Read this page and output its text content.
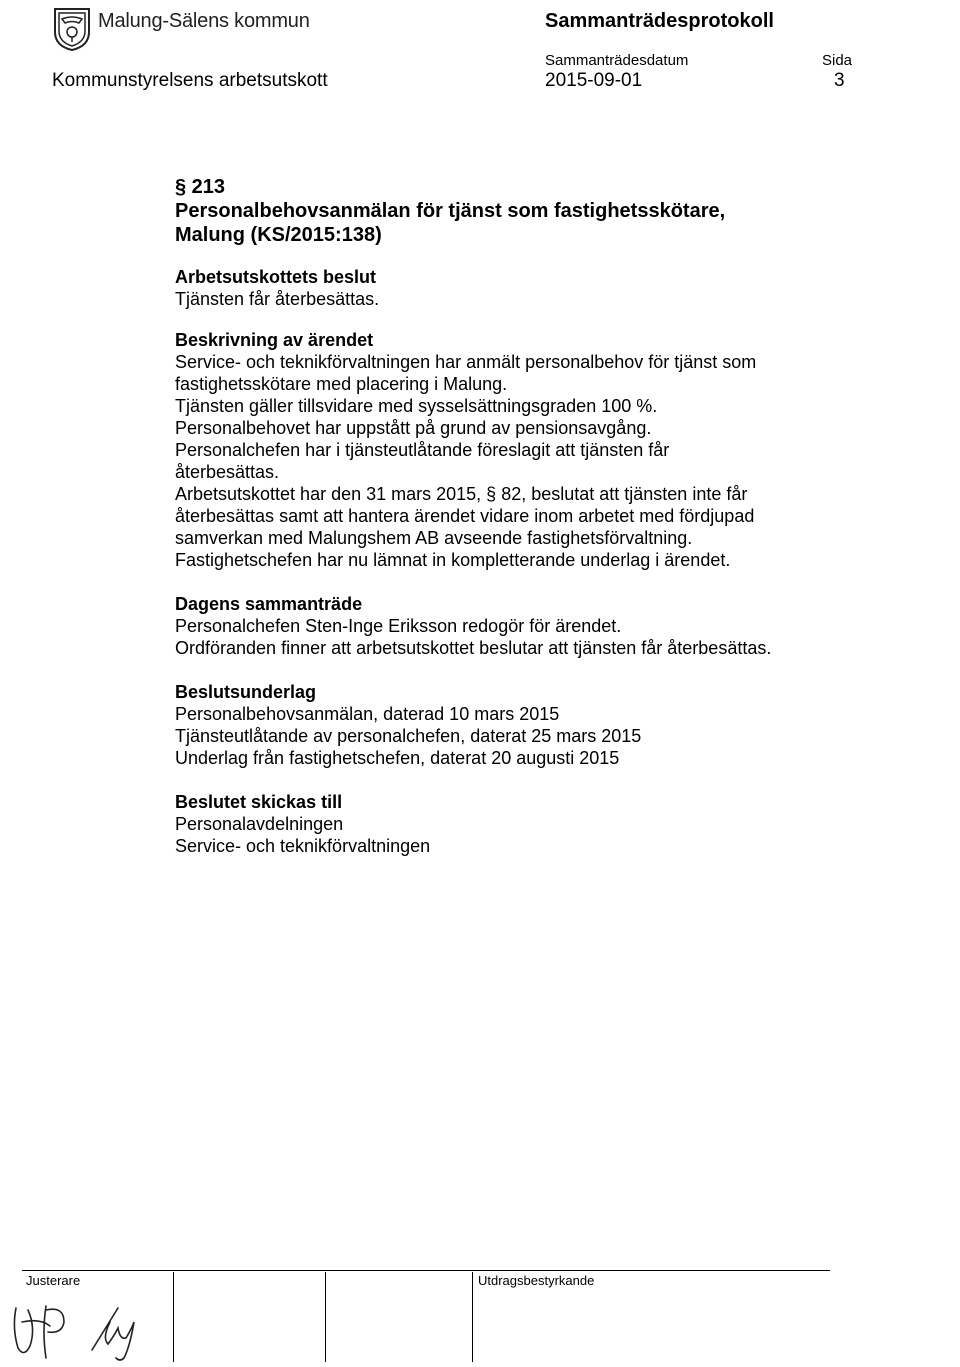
Malung-Sälens kommun	Sammanträdesprotokoll
Kommunstyrelsens arbetsutskott
Sammanträdesdatum
2015-09-01
Sida
3
§ 213
Personalbehovsanmälan för tjänst som fastighetsskötare,
Malung (KS/2015:138)

Arbetsutskottets beslut

Tjänsten får återbesättas.

Beskrivning av ärendet

Service- och teknikförvaltningen har anmält personalbehov för tjänst som

fastighetsskötare med placering i Malung.

Tjänsten gäller tillsvidare med sysselsättningsgraden 100 %.

Personalbehovet har uppstått på grund av pensionsavgång.

Personalchefen har i tjänsteutlåtande föreslagit att tjänsten får

återbesättas.

Arbetsutskottet har den 31 mars 2015, § 82, beslutat att tjänsten inte får

återbesättas samt att hantera ärendet vidare inom arbetet med fördjupad

samverkan med Malungshem AB avseende fastighetsförvaltning.

Fastighetschefen har nu lämnat in kompletterande underlag i ärendet.

Dagens sammanträde

Personalchefen Sten-Inge Eriksson redogör för ärendet.

Ordföranden finner att arbetsutskottet beslutar att tjänsten får återbesättas.

Beslutsunderlag

Personalbehovsanmälan, daterad 10 mars 2015

Tjänsteutlåtande av personalchefen, daterat 25 mars 2015

Underlag från fastighetschefen, daterat 20 augusti 2015

Beslutet skickas till

Personalavdelningen

Service- och teknikförvaltningen

Justerare	Utdragsbestyrkande
